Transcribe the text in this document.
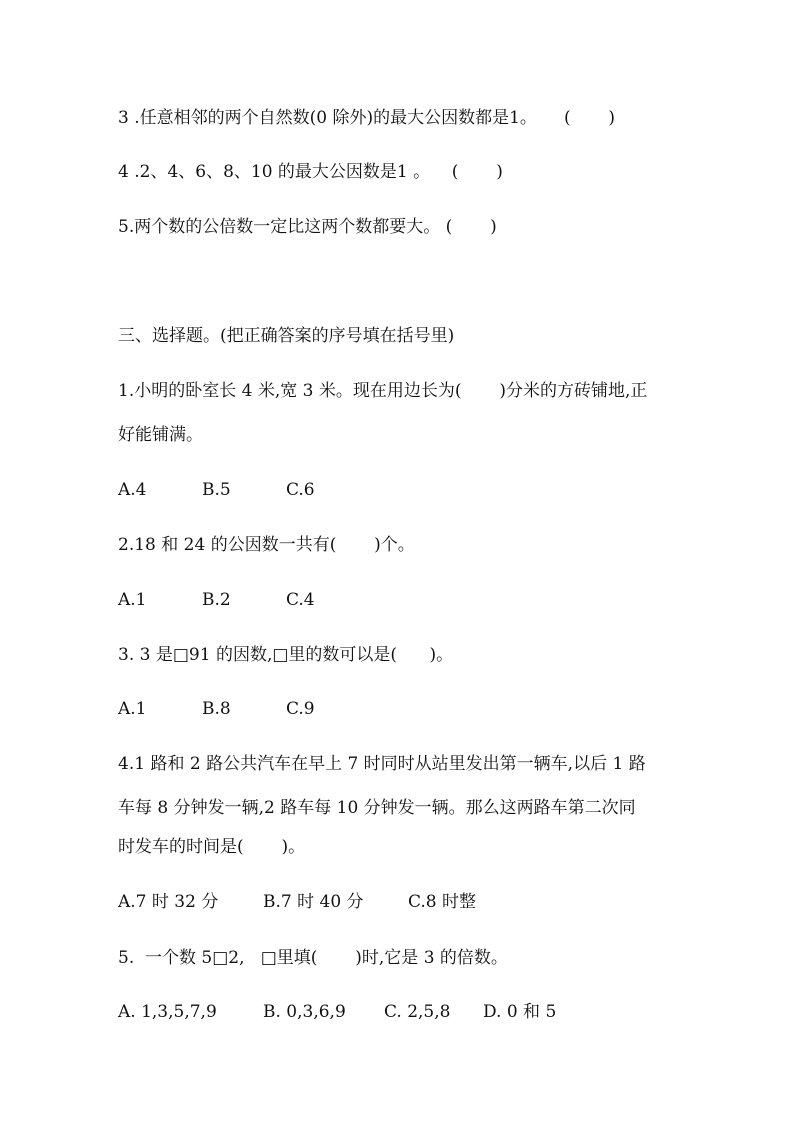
3 .任意相邻的两个自然数(0 除外)的最大公因数都是1。     (       )
4 .2、4、6、8、10 的最大公因数是1 。    (       )
5.两个数的公倍数一定比这两个数都要大。 (       )
三、选择题。(把正确答案的序号填在括号里)
1.小明的卧室长 4 米,宽 3 米。现在用边长为(       )分米的方砖铺地,正
好能铺满。

A.4

	B.5

	C.6

2.18 和 24 的公因数一共有(       )个。

A.1

	B.2

	C.4

3. 3 是□91 的因数,□里的数可以是(      )。

A.1

	B.8

	C.9

4.1 路和 2 路公共汽车在早上 7 时同时从站里发出第一辆车,以后 1 路
车每 8 分钟发一辆,2 路车每 10 分钟发一辆。那么这两路车第二次同
时发车的时间是(       )。

A.7 时 32 分

	B.7 时 40 分

	C.8 时整

5.  一个数 5□2,   □里填(       )时,它是 3 的倍数。

A. 1,3,5,7,9

	B. 0,3,6,9

C. 2,5,8

D. 0 和 5
